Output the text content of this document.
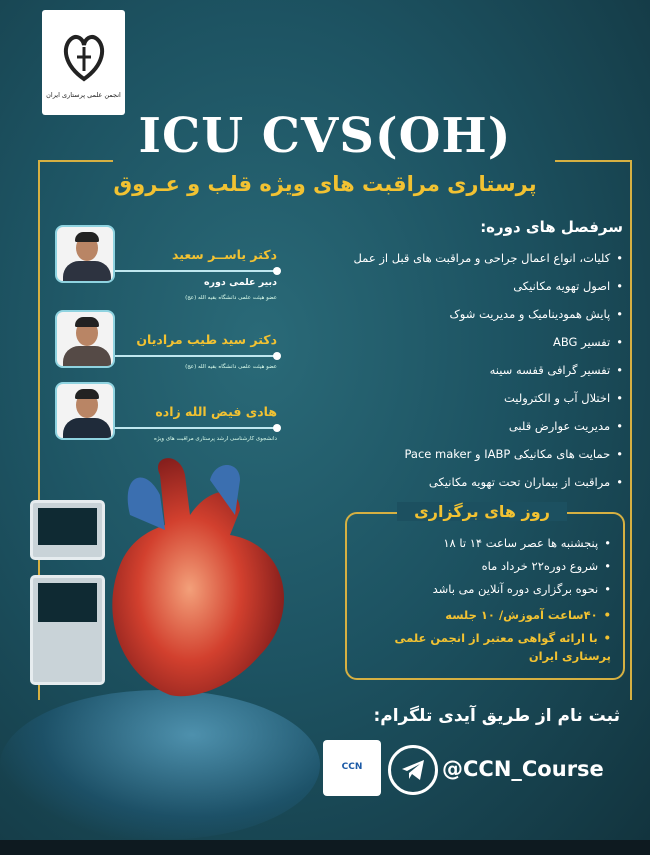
انجمن علمی پرستاری ایران
ICU CVS(OH)
پرستاری مراقبت های ویژه قلب و عـروق
دکتر یاســر سعید
دبیر علمی دوره
عضو هیئت علمی دانشگاه بقیه الله (عج)
دکتر سید طیب مرادیان
عضو هیئت علمی دانشگاه بقیه الله (عج)
هادی فیض الله زاده
دانشجوی کارشناسی ارشد پرستاری مراقبت های ویژه
سرفصل های دوره:
• کلیات، انواع اعمال جراحی و مراقبت های قبل از عمل
• اصول تهویه مکانیکی
• پایش همودینامیک و مدیریت شوک
• تفسیر ABG
• تفسیر گرافی قفسه سینه
• اختلال آب و الکترولیت
• مدیریت عوارض قلبی
• حمایت های مکانیکی IABP و Pace maker
• مراقبت از بیماران تحت تهویه مکانیکی
روز های برگزاری
• پنجشنبه ها عصر ساعت ۱۴ تا ۱۸
• شروع دوره۲۲ خرداد ماه
• نحوه برگزاری دوره آنلاین می باشد
• ۴۰ساعت آموزش/ ۱۰ جلسه
• با ارائه گواهی معتبر از انجمن علمی پرستاری ایران
ثبت نام از طریق آیدی تلگرام:
CCN	@CCN_Course
